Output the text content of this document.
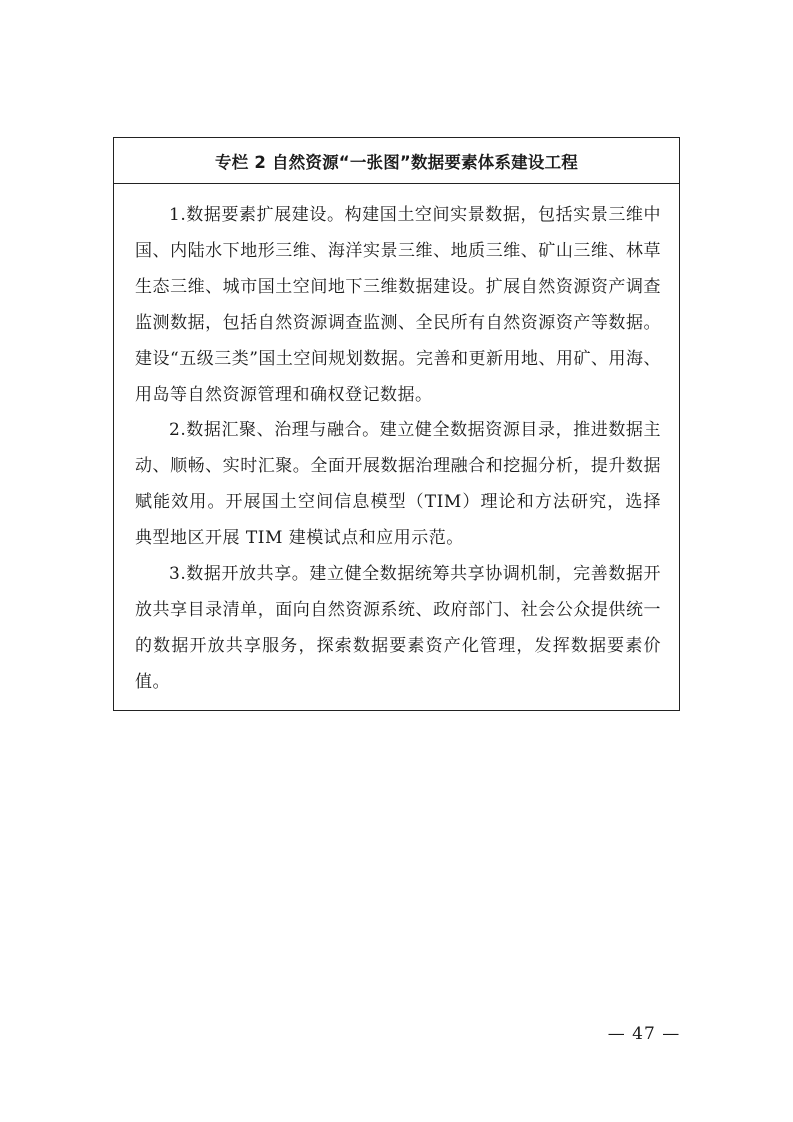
专栏 2 自然资源“一张图”数据要素体系建设工程

1.数据要素扩展建设。构建国土空间实景数据，包括实景三维中国、内陆水下地形三维、海洋实景三维、地质三维、矿山三维、林草生态三维、城市国土空间地下三维数据建设。扩展自然资源资产调查监测数据，包括自然资源调查监测、全民所有自然资源资产等数据。建设“五级三类”国土空间规划数据。完善和更新用地、用矿、用海、用岛等自然资源管理和确权登记数据。

2.数据汇聚、治理与融合。建立健全数据资源目录，推进数据主动、顺畅、实时汇聚。全面开展数据治理融合和挖掘分析，提升数据赋能效用。开展国土空间信息模型（TIM）理论和方法研究，选择典型地区开展 TIM 建模试点和应用示范。

3.数据开放共享。建立健全数据统筹共享协调机制，完善数据开放共享目录清单，面向自然资源系统、政府部门、社会公众提供统一的数据开放共享服务，探索数据要素资产化管理，发挥数据要素价值。

— 47 —
